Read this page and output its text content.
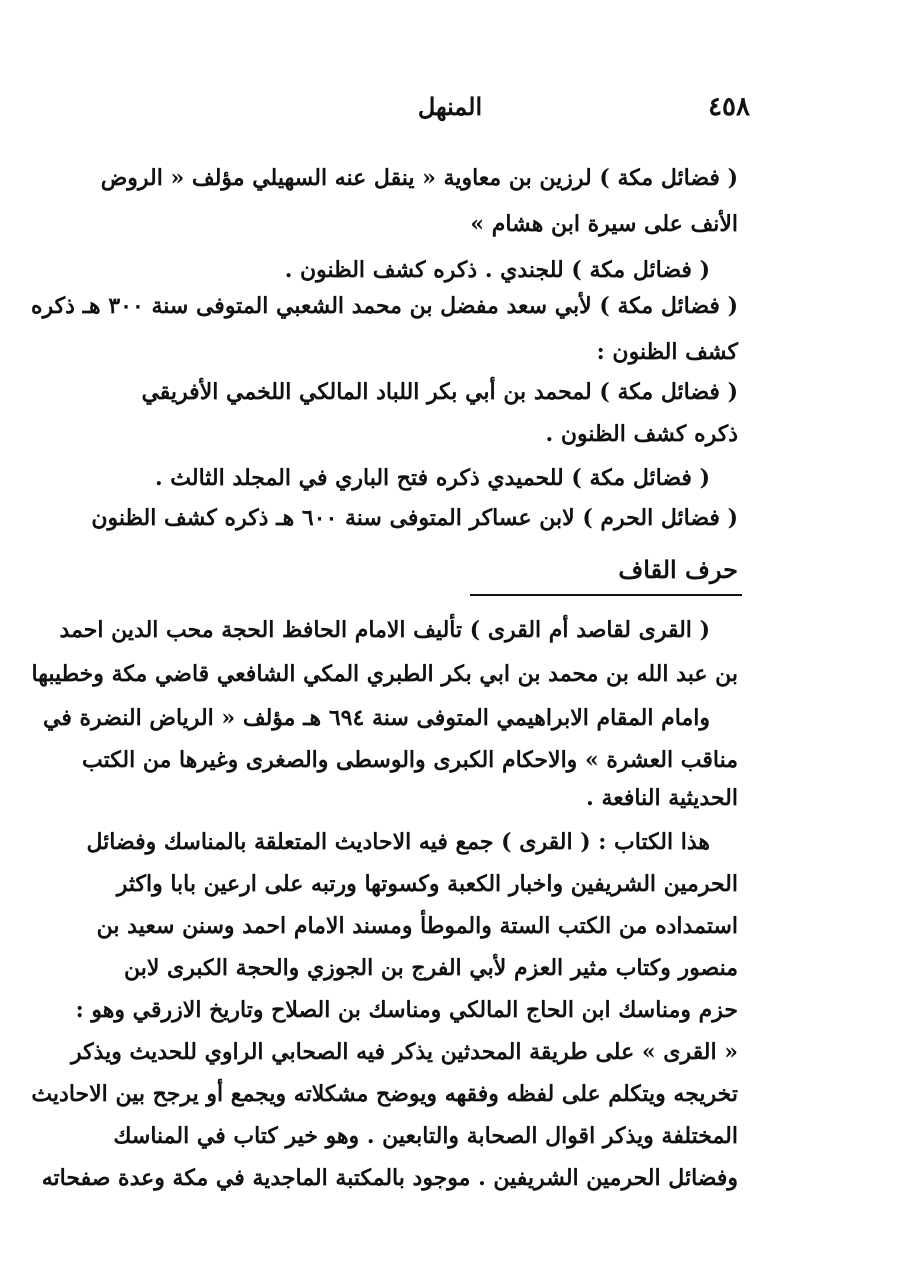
٤٥٨
المنهل
( فضائل مكة ) لرزين بن معاوية « ينقل عنه السهيلي مؤلف « الروض
الأنف على سيرة ابن هشام »
( فضائل مكة ) للجندي . ذكره كشف الظنون .
( فضائل مكة ) لأبي سعد مفضل بن محمد الشعبي المتوفى سنة ٣٠٠ هـ ذكره
كشف الظنون :
( فضائل مكة ) لمحمد بن أبي بكر اللباد المالكي اللخمي الأفريقي
ذكره كشف الظنون .
( فضائل مكة ) للحميدي ذكره فتح الباري في المجلد الثالث .
( فضائل الحرم ) لابن عساكر المتوفى سنة ٦٠٠ هـ ذكره كشف الظنون
حرف القاف
( القرى لقاصد أم القرى ) تأليف الامام الحافظ الحجة محب الدين احمد
بن عبد الله بن محمد بن ابي بكر الطبري المكي الشافعي قاضي مكة وخطيبها
وامام المقام الابراهيمي المتوفى سنة ٦٩٤ هـ مؤلف « الرياض النضرة في
مناقب العشرة » والاحكام الكبرى والوسطى والصغرى وغيرها من الكتب
الحديثية النافعة .
هذا الكتاب : ( القرى ) جمع فيه الاحاديث المتعلقة بالمناسك وفضائل
الحرمين الشريفين واخبار الكعبة وكسوتها ورتبه على ارعين بابا واكثر
استمداده من الكتب الستة والموطأ ومسند الامام احمد وسنن سعيد بن
منصور وكتاب مثير العزم لأبي الفرج بن الجوزي والحجة الكبرى لابن
حزم ومناسك ابن الحاج المالكي ومناسك بن الصلاح وتاريخ الازرقي وهو :
« القرى » على طريقة المحدثين يذكر فيه الصحابي الراوي للحديث ويذكر
تخريجه ويتكلم على لفظه وفقهه ويوضح مشكلاته ويجمع أو يرجح بين الاحاديث
المختلفة ويذكر اقوال الصحابة والتابعين . وهو خير كتاب في المناسك
وفضائل الحرمين الشريفين . موجود بالمكتبة الماجدية في مكة وعدة صفحاته
